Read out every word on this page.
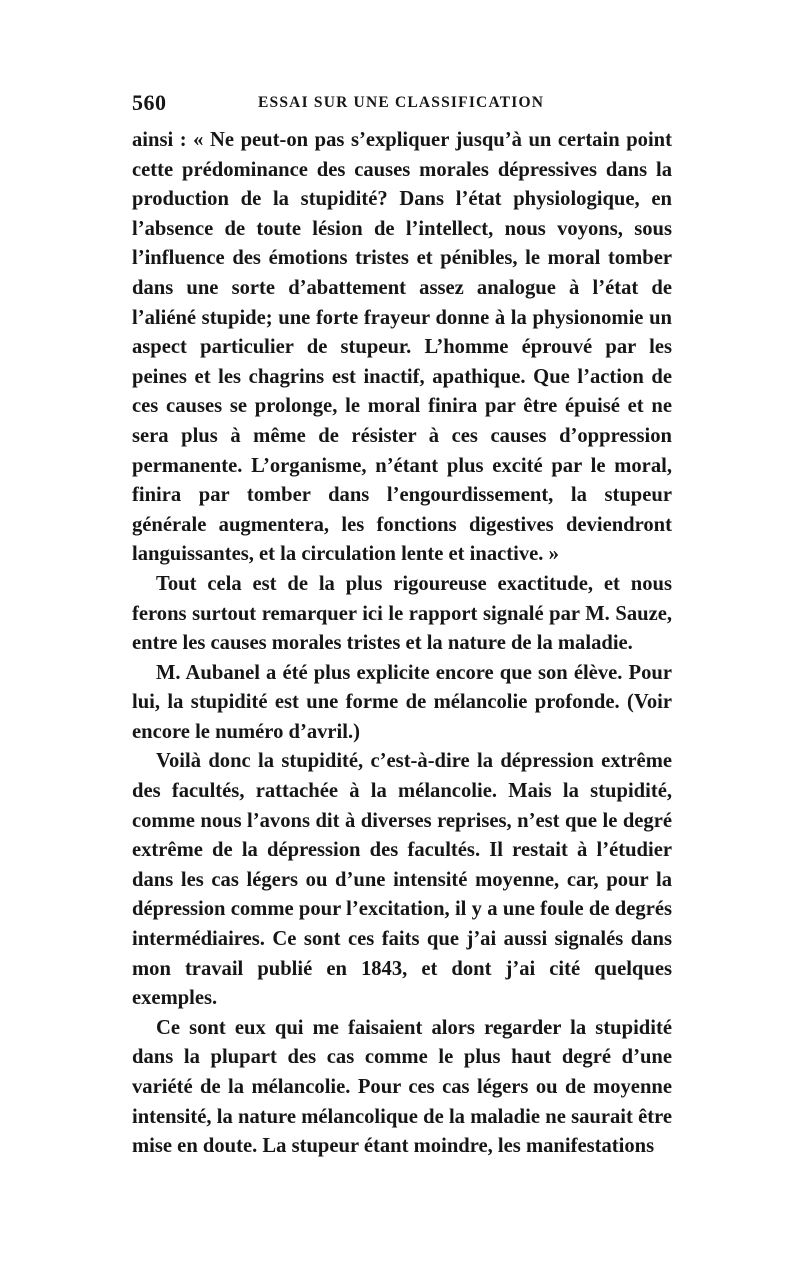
560	ESSAI SUR UNE CLASSIFICATION

ainsi : « Ne peut-on pas s’expliquer jusqu’à un certain point cette prédominance des causes morales dépressives dans la production de la stupidité? Dans l’état physiologique, en l’absence de toute lésion de l’intellect, nous voyons, sous l’influence des émotions tristes et pénibles, le moral tomber dans une sorte d’abattement assez analogue à l’état de l’aliéné stupide; une forte frayeur donne à la physionomie un aspect particulier de stupeur. L’homme éprouvé par les peines et les chagrins est inactif, apathique. Que l’action de ces causes se prolonge, le moral finira par être épuisé et ne sera plus à même de résister à ces causes d’oppression permanente. L’organisme, n’étant plus excité par le moral, finira par tomber dans l’engourdissement, la stupeur générale augmentera, les fonctions digestives deviendront languissantes, et la circulation lente et inactive. »

Tout cela est de la plus rigoureuse exactitude, et nous ferons surtout remarquer ici le rapport signalé par M. Sauze, entre les causes morales tristes et la nature de la maladie.

M. Aubanel a été plus explicite encore que son élève. Pour lui, la stupidité est une forme de mélancolie profonde. (Voir encore le numéro d’avril.)

Voilà donc la stupidité, c’est-à-dire la dépression extrême des facultés, rattachée à la mélancolie. Mais la stupidité, comme nous l’avons dit à diverses reprises, n’est que le degré extrême de la dépression des facultés. Il restait à l’étudier dans les cas légers ou d’une intensité moyenne, car, pour la dépression comme pour l’excitation, il y a une foule de degrés intermédiaires. Ce sont ces faits que j’ai aussi signalés dans mon travail publié en 1843, et dont j’ai cité quelques exemples.

Ce sont eux qui me faisaient alors regarder la stupidité dans la plupart des cas comme le plus haut degré d’une variété de la mélancolie. Pour ces cas légers ou de moyenne intensité, la nature mélancolique de la maladie ne saurait être mise en doute. La stupeur étant moindre, les manifestations
